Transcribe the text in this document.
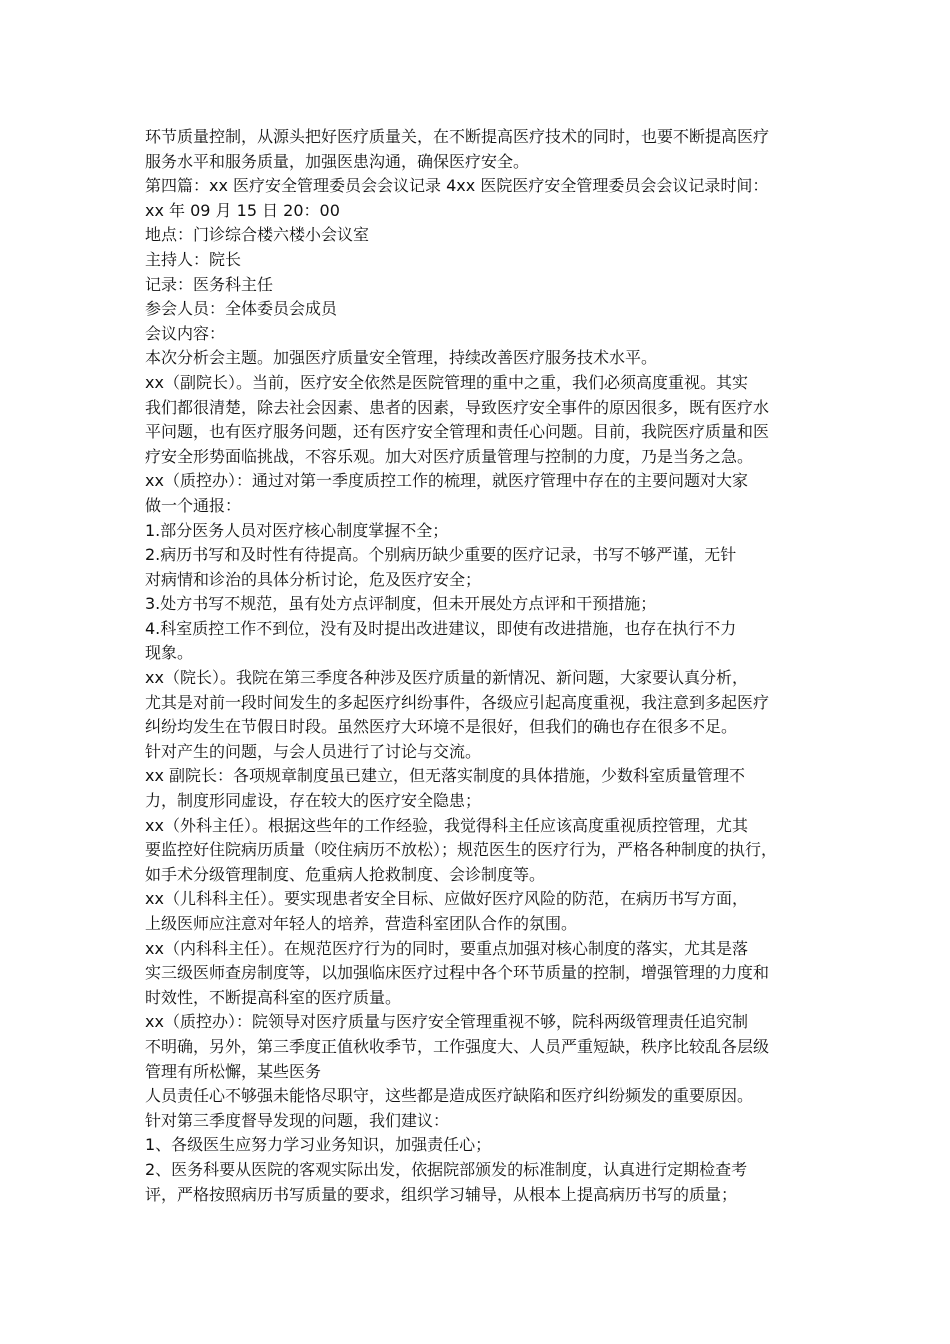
环节质量控制，从源头把好医疗质量关，在不断提高医疗技术的同时，也要不断提高医疗
服务水平和服务质量，加强医患沟通，确保医疗安全。
第四篇：xx 医疗安全管理委员会会议记录 4xx 医院医疗安全管理委员会会议记录时间：
xx 年 09 月 15 日 20：00
地点：门诊综合楼六楼小会议室
主持人：院长
记录：医务科主任
参会人员：全体委员会成员
会议内容：
本次分析会主题。加强医疗质量安全管理，持续改善医疗服务技术水平。
xx（副院长）。当前，医疗安全依然是医院管理的重中之重，我们必须高度重视。其实
我们都很清楚，除去社会因素、患者的因素，导致医疗安全事件的原因很多，既有医疗水
平问题，也有医疗服务问题，还有医疗安全管理和责任心问题。目前，我院医疗质量和医
疗安全形势面临挑战，不容乐观。加大对医疗质量管理与控制的力度，乃是当务之急。
xx（质控办）：通过对第一季度质控工作的梳理，就医疗管理中存在的主要问题对大家
做一个通报：
1.部分医务人员对医疗核心制度掌握不全；
2.病历书写和及时性有待提高。个别病历缺少重要的医疗记录，书写不够严谨，无针
对病情和诊治的具体分析讨论，危及医疗安全；
3.处方书写不规范，虽有处方点评制度，但未开展处方点评和干预措施；
4.科室质控工作不到位，没有及时提出改进建议，即使有改进措施，也存在执行不力
现象。
xx（院长）。我院在第三季度各种涉及医疗质量的新情况、新问题，大家要认真分析，
尤其是对前一段时间发生的多起医疗纠纷事件，各级应引起高度重视，我注意到多起医疗
纠纷均发生在节假日时段。虽然医疗大环境不是很好，但我们的确也存在很多不足。
针对产生的问题，与会人员进行了讨论与交流。
xx 副院长：各项规章制度虽已建立，但无落实制度的具体措施，少数科室质量管理不
力，制度形同虚设，存在较大的医疗安全隐患；
xx（外科主任）。根据这些年的工作经验，我觉得科主任应该高度重视质控管理，尤其
要监控好住院病历质量（咬住病历不放松）；规范医生的医疗行为，严格各种制度的执行，
如手术分级管理制度、危重病人抢救制度、会诊制度等。
xx（儿科科主任）。要实现患者安全目标、应做好医疗风险的防范，在病历书写方面，
上级医师应注意对年轻人的培养，营造科室团队合作的氛围。
xx（内科科主任）。在规范医疗行为的同时，要重点加强对核心制度的落实，尤其是落
实三级医师查房制度等，以加强临床医疗过程中各个环节质量的控制，增强管理的力度和
时效性，不断提高科室的医疗质量。
xx（质控办）：院领导对医疗质量与医疗安全管理重视不够，院科两级管理责任追究制
不明确，另外，第三季度正值秋收季节，工作强度大、人员严重短缺，秩序比较乱各层级
管理有所松懈，某些医务
人员责任心不够强未能恪尽职守，这些都是造成医疗缺陷和医疗纠纷频发的重要原因。
针对第三季度督导发现的问题，我们建议：
1、各级医生应努力学习业务知识，加强责任心；
2、医务科要从医院的客观实际出发，依据院部颁发的标准制度，认真进行定期检查考
评，严格按照病历书写质量的要求，组织学习辅导，从根本上提高病历书写的质量；
